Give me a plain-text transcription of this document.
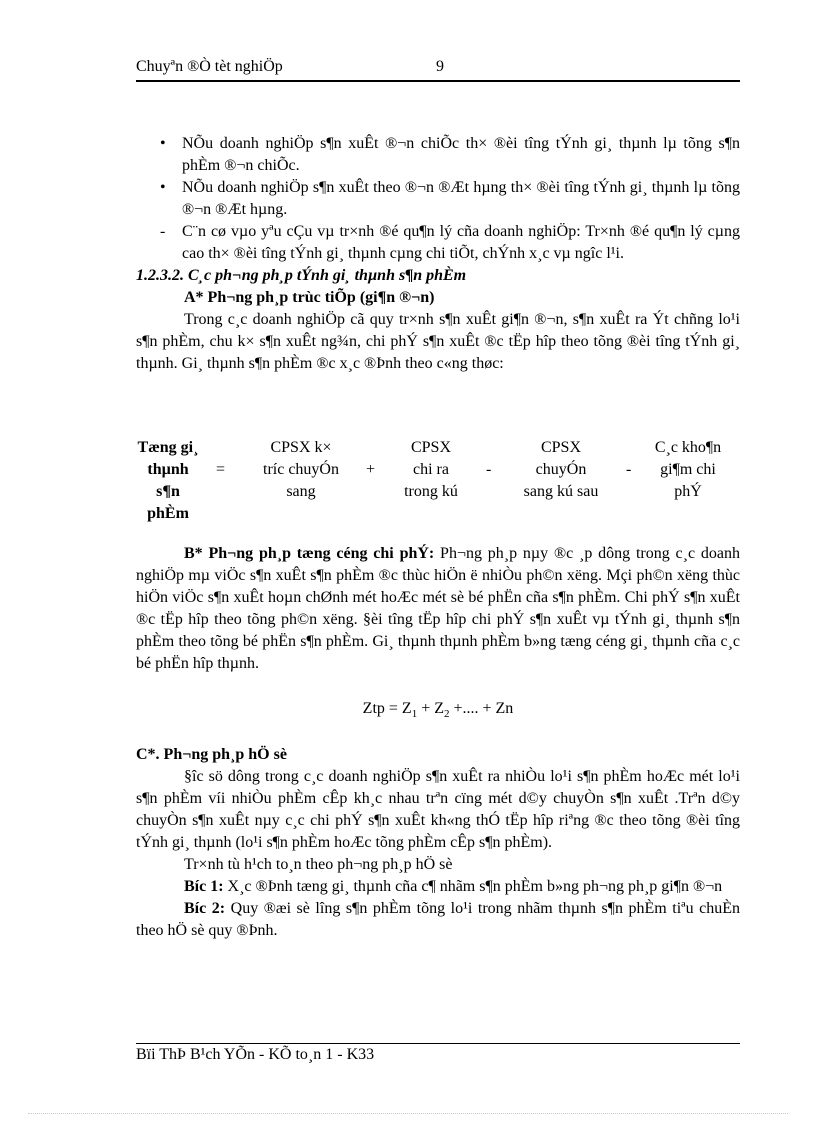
Chuyªn ®Ò tèt nghiÖp	9

• NÕu doanh nghiÖp s¶n xuÊt ®¬n chiÕc th× ®èi tîng tÝnh gi¸ thµnh lµ tõng s¶n phÈm ®¬n chiÕc.

• NÕu doanh nghiÖp s¶n xuÊt theo ®¬n ®Æt hµng th× ®èi tîng tÝnh gi¸ thµnh lµ tõng ®¬n ®Æt hµng.

- C¨n cø vµo yªu cÇu vµ tr×nh ®é qu¶n lý cña doanh nghiÖp: Tr×nh ®é qu¶n lý cµng cao th× ®èi tîng tÝnh gi¸ thµnh cµng chi tiÕt, chÝnh x¸c vµ ngîc l¹i.

1.2.3.2. C¸c ph¬ng ph¸p tÝnh gi¸ thµnh s¶n phÈm

A* Ph¬ng ph¸p trùc tiÕp (gi¶n ®¬n)

Trong c¸c doanh nghiÖp cã quy tr×nh s¶n xuÊt gi¶n ®¬n, s¶n xuÊt ra Ýt chñng lo¹i s¶n phÈm, chu k× s¶n xuÊt ng¾n, chi phÝ s¶n xuÊt ®c tËp hîp theo tõng ®èi tîng tÝnh gi¸ thµnh. Gi¸ thµnh s¶n phÈm ®c x¸c ®Þnh theo c«ng thøc:

Tæng gi¸
thµnh
s¶n
phÈm
=
CPSX k×
tríc chuyÓn
sang
+
CPSX
chi ra
trong kú
-
CPSX
chuyÓn
sang kú sau
-
C¸c kho¶n
gi¶m chi
phÝ

B* Ph¬ng ph¸p tæng céng chi phÝ: Ph¬ng ph¸p nµy ®c ¸p dông trong c¸c doanh nghiÖp mµ viÖc s¶n xuÊt s¶n phÈm ®c thùc hiÖn ë nhiÒu ph©n xëng. Mçi ph©n xëng thùc hiÖn viÖc s¶n xuÊt hoµn chØnh mét hoÆc mét sè bé phËn cña s¶n phÈm. Chi phÝ s¶n xuÊt ®c tËp hîp theo tõng ph©n xëng. §èi tîng tËp hîp chi phÝ s¶n xuÊt vµ tÝnh gi¸ thµnh s¶n phÈm theo tõng bé phËn s¶n phÈm. Gi¸ thµnh thµnh phÈm b»ng tæng céng gi¸ thµnh cña c¸c bé phËn hîp thµnh.

Ztp = $Z_1 + Z_2$ +.... + Zn

C*. Ph¬ng ph¸p hÖ sè

§îc sö dông trong c¸c doanh nghiÖp s¶n xuÊt ra nhiÒu lo¹i s¶n phÈm hoÆc mét lo¹i s¶n phÈm víi nhiÒu phÈm cÊp kh¸c nhau trªn cïng mét d©y chuyÒn s¶n xuÊt .Trªn d©y chuyÒn s¶n xuÊt nµy c¸c chi phÝ s¶n xuÊt kh«ng thÓ tËp hîp riªng ®c theo tõng ®èi tîng tÝnh gi¸ thµnh (lo¹i s¶n phÈm hoÆc tõng phÈm cÊp s¶n phÈm).

Tr×nh tù h¹ch to¸n theo ph¬ng ph¸p hÖ sè

Bíc 1: X¸c ®Þnh tæng gi¸ thµnh cña c¶ nhãm s¶n phÈm b»ng ph¬ng ph¸p gi¶n ®¬n

Bíc 2: Quy ®æi sè lîng s¶n phÈm tõng lo¹i trong nhãm thµnh s¶n phÈm tiªu chuÈn theo hÖ sè quy ®Þnh.

Bïi ThÞ B¹ch YÕn - KÕ to¸n 1 - K33
